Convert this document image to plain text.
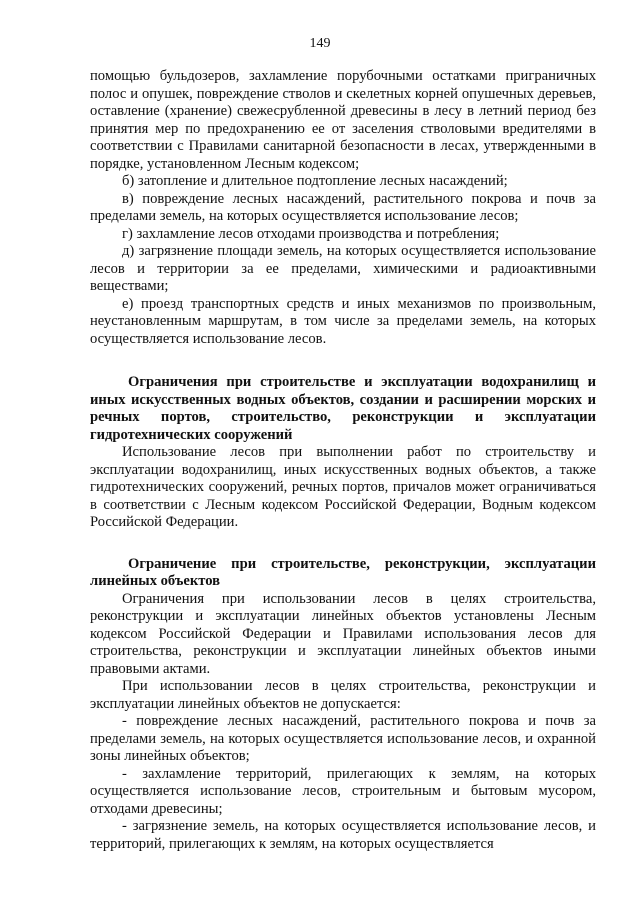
149

помощью бульдозеров, захламление порубочными остатками приграничных полос и опушек, повреждение стволов и скелетных корней опушечных деревьев, оставление (хранение) свежесрубленной древесины в лесу в летний период без принятия мер по предохранению ее от заселения стволовыми вредителями в соответствии с Правилами санитарной безопасности в лесах, утвержденными в порядке, установленном Лесным кодексом;

б) затопление и длительное подтопление лесных насаждений;

в) повреждение лесных насаждений, растительного покрова и почв за пределами земель, на которых осуществляется использование лесов;

г) захламление лесов отходами производства и потребления;

д) загрязнение площади земель, на которых осуществляется использование лесов и территории за ее пределами, химическими и радиоактивными веществами;

е) проезд транспортных средств и иных механизмов по произвольным, неустановленным маршрутам, в том числе за пределами земель, на которых осуществляется использование лесов.

Ограничения при строительстве и эксплуатации водохранилищ и иных искусственных водных объектов, создании и расширении морских и речных портов, строительство, реконструкции и эксплуатации гидротехнических сооружений

Использование лесов при выполнении работ по строительству и эксплуатации водохранилищ, иных искусственных водных объектов, а также гидротехнических сооружений, речных портов, причалов может ограничиваться в соответствии с Лесным кодексом Российской Федерации, Водным кодексом Российской Федерации.

Ограничение при строительстве, реконструкции, эксплуатации линейных объектов

Ограничения при использовании лесов в целях строительства, реконструкции и эксплуатации линейных объектов установлены Лесным кодексом Российской Федерации и Правилами использования лесов для строительства, реконструкции и эксплуатации линейных объектов иными правовыми актами.

При использовании лесов в целях строительства, реконструкции и эксплуатации линейных объектов не допускается:

- повреждение лесных насаждений, растительного покрова и почв за пределами земель, на которых осуществляется использование лесов, и охранной зоны линейных объектов;

- захламление территорий, прилегающих к землям, на которых осуществляется использование лесов, строительным и бытовым мусором, отходами древесины;

- загрязнение земель, на которых осуществляется использование лесов, и территорий, прилегающих к землям, на которых осуществляется
